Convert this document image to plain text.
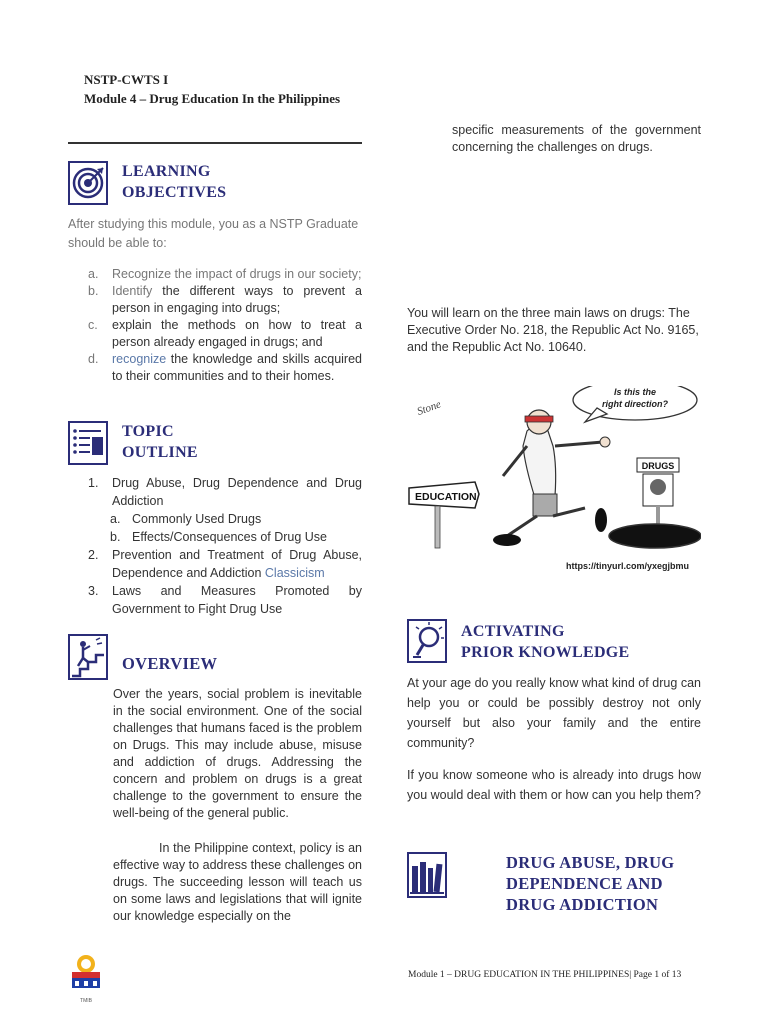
NSTP-CWTS I
Module 4 – Drug Education In the Philippines
LEARNING
OBJECTIVES
After studying this module, you as a NSTP Graduate should be able to:
a. Recognize the impact of drugs in our society;
b. Identify the different ways to prevent a person in engaging into drugs;
c. explain the methods on how to treat a person already engaged in drugs; and
d. recognize the knowledge and skills acquired to their communities and to their homes.
TOPIC
OUTLINE
1. Drug Abuse, Drug Dependence and Drug Addiction
a. Commonly Used Drugs
b. Effects/Consequences of Drug Use
2. Prevention and Treatment of Drug Abuse, Dependence and Addiction Classicism
3. Laws and Measures Promoted by Government to Fight Drug Use
OVERVIEW
Over the years, social problem is inevitable in the social environment. One of the social challenges that humans faced is the problem on Drugs. This may include abuse, misuse and addiction of drugs. Addressing the concern and problem on drugs is a great challenge to the government to ensure the well-being of the general public.
In the Philippine context, policy is an effective way to address these challenges on drugs. The succeeding lesson will teach us on some laws and legislations that will ignite our knowledge especially on the
specific measurements of the government concerning the challenges on drugs.
You will learn on the three main laws on drugs: The Executive Order No. 218, the Republic Act No. 9165, and the Republic Act No. 10640.
Stone
Is this the
right direction?
EDUCATION
DRUGS
https://tinyurl.com/yxegjbmu
ACTIVATING
PRIOR KNOWLEDGE
At your age do you really know what kind of drug can help you or could be possibly destroy not only yourself but also your family and the entire community?
If you know someone who is already into drugs how you would deal with them or how can you help them?
DRUG ABUSE, DRUG
DEPENDENCE AND
DRUG ADDICTION
TMIB
Module 1 – DRUG EDUCATION IN THE PHILIPPINES| Page 1 of 13
